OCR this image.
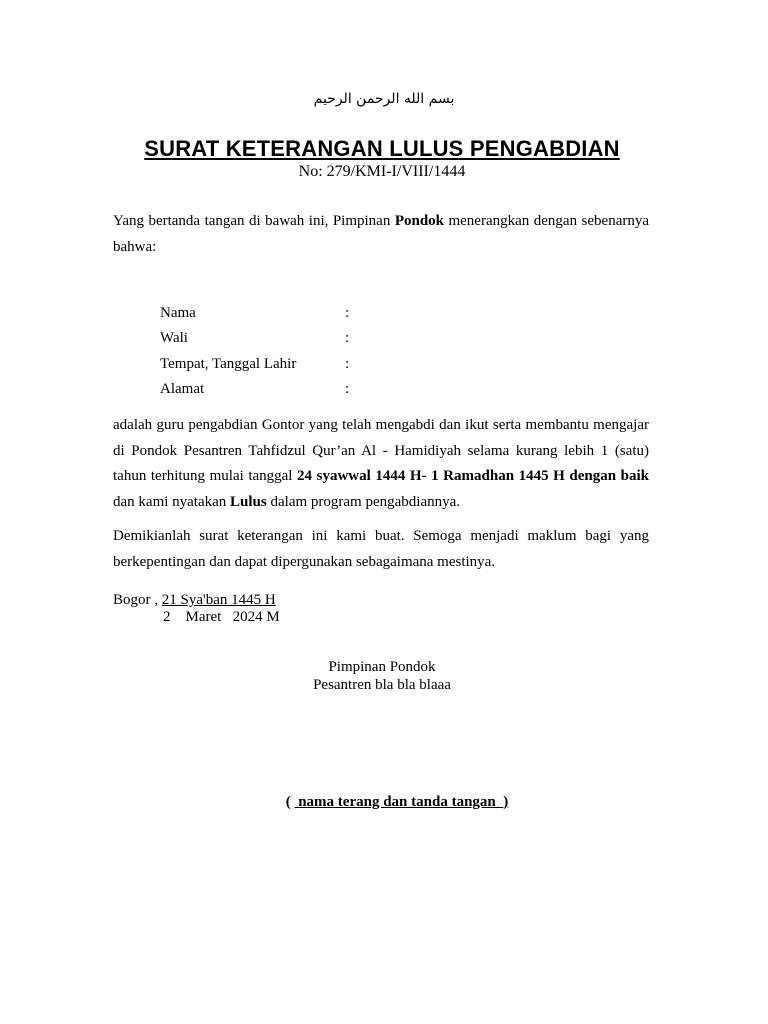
بسم الله الرحمن الرحيم
SURAT KETERANGAN LULUS PENGABDIAN
No: 279/KMI-I/VIII/1444
Yang bertanda tangan di bawah ini, Pimpinan Pondok menerangkan dengan sebenarnya bahwa:
Nama	:
Wali	:
Tempat, Tanggal Lahir	:
Alamat	:
adalah guru pengabdian Gontor yang telah mengabdi dan ikut serta membantu mengajar di Pondok Pesantren Tahfidzul Qur’an Al - Hamidiyah selama kurang lebih 1 (satu) tahun terhitung mulai tanggal 24 syawwal 1444 H- 1 Ramadhan 1445 H dengan baik dan kami nyatakan Lulus dalam program pengabdiannya.
Demikianlah surat keterangan ini kami buat. Semoga menjadi maklum bagi yang berkepentingan dan dapat dipergunakan sebagaimana mestinya.
Bogor , 21 Sya'ban 1445 H
2    Maret   2024 M
Pimpinan Pondok
Pesantren bla bla blaaa
(  nama terang dan tanda tangan  )
